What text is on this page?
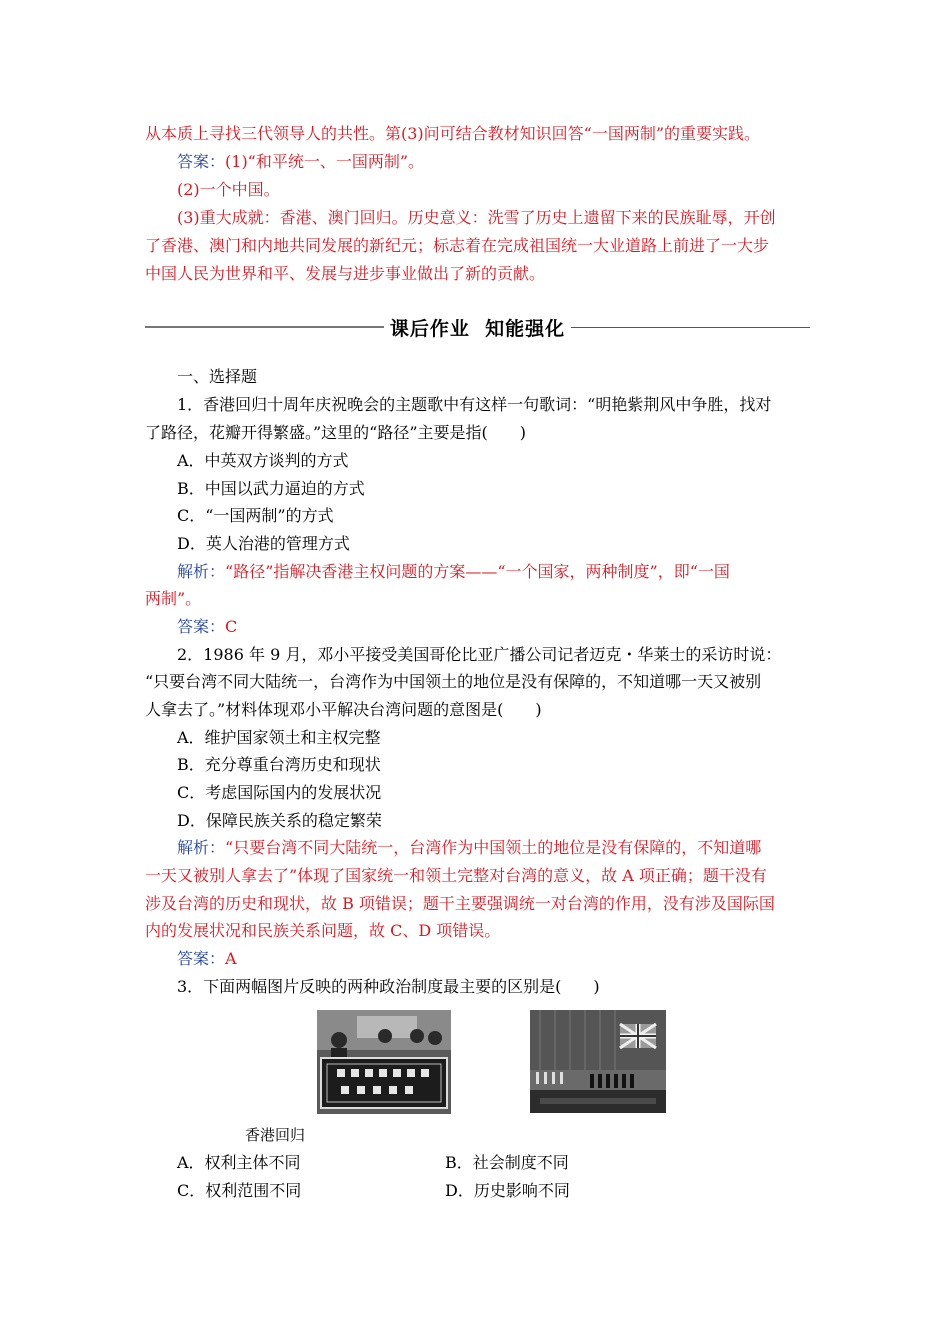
从本质上寻找三代领导人的共性。第(3)问可结合教材知识回答“一国两制”的重要实践。
答案：(1)“和平统一、一国两制”。
(2)一个中国。
(3)重大成就：香港、澳门回归。历史意义：洗雪了历史上遗留下来的民族耻辱，开创
了香港、澳门和内地共同发展的新纪元；标志着在完成祖国统一大业道路上前进了一大步
中国人民为世界和平、发展与进步事业做出了新的贡献。
课后作业  知能强化
一、选择题
1．香港回归十周年庆祝晚会的主题歌中有这样一句歌词：“明艳紫荆风中争胜，找对
了路径，花瓣开得繁盛。”这里的“路径”主要是指(　　)
A．中英双方谈判的方式
B．中国以武力逼迫的方式
C．“一国两制”的方式
D．英人治港的管理方式
解析：“路径”指解决香港主权问题的方案——“一个国家，两种制度”，即“一国
两制”。
答案：C
2．1986 年 9 月，邓小平接受美国哥伦比亚广播公司记者迈克・华莱士的采访时说：
“只要台湾不同大陆统一，台湾作为中国领土的地位是没有保障的，不知道哪一天又被别
人拿去了。”材料体现邓小平解决台湾问题的意图是(　　)
A．维护国家领土和主权完整
B．充分尊重台湾历史和现状
C．考虑国际国内的发展状况
D．保障民族关系的稳定繁荣
解析：“只要台湾不同大陆统一，台湾作为中国领土的地位是没有保障的，不知道哪
一天又被别人拿去了”体现了国家统一和领土完整对台湾的意义，故 A 项正确；题干没有
涉及台湾的历史和现状，故 B 项错误；题干主要强调统一对台湾的作用，没有涉及国际国
内的发展状况和民族关系问题，故 C、D 项错误。
答案：A
3．下面两幅图片反映的两种政治制度最主要的区别是(　　)
香港回归
A．权利主体不同	B．社会制度不同
C．权利范围不同	D．历史影响不同
